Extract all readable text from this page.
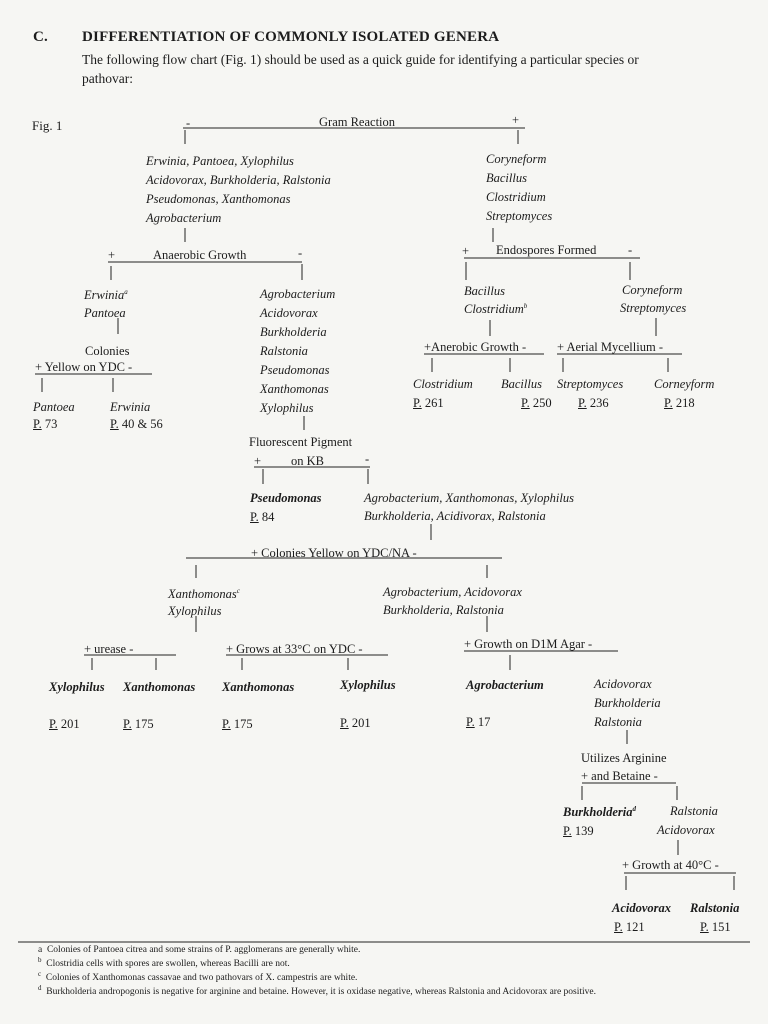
C. DIFFERENTIATION OF COMMONLY ISOLATED GENERA
The following flow chart (Fig. 1) should be used as a quick guide for identifying a particular species or pathovar:
Fig. 1	-	Gram Reaction	+
Erwinia, Pantoea, Xylophilus
Acidovorax, Burkholderia, Ralstonia
Pseudomonas, Xanthomonas
Agrobacterium
Coryneform
Bacillus
Clostridium
Streptomyces
+	Anaerobic Growth	-
Erwinia$^a$
Pantoea
Agrobacterium
Acidovorax
Burkholderia
Ralstonia
Pseudomonas
Xanthomonas
Xylophilus
Colonies
+ Yellow on YDC -
Pantoea
P. 73
Erwinia
P. 40 & 56
+ Endospores Formed	-
Bacillus
Clostridium$^b$
Coryneform
Streptomyces
+Anerobic Growth - + Aerial Mycellium -
Clostridium
P. 261
Bacillus
P. 250
Streptomyces
P. 236
Corneyform
P. 218
Fluorescent Pigment
+ on KB	-
Pseudomonas
P. 84
Agrobacterium, Xanthomonas, Xylophilus
Burkholderia, Acidivorax, Ralstonia
+ Colonies Yellow on YDC/NA -
Xanthomonas$^c$
Xylophilus
Agrobacterium, Acidovorax
Burkholderia, Ralstonia
+ urease -	+ Grows at 33°C on YDC -	+ Growth on D1M Agar -
Xylophilus
P. 201
Xanthomonas
P. 175
Xanthomonas
P. 175
Xylophilus
P. 201
Agrobacterium
P. 17
Acidovorax
Burkholderia
Ralstonia
Utilizes Arginine
+ and Betaine -
Burkholderia$^d$
P. 139
Ralstonia
Acidovorax
+ Growth at 40°C -
Acidovorax
P. 121
Ralstonia
P. 151
a Colonies of Pantoea citrea and some strains of P. agglomerans are generally white.
$^b$ Clostridia cells with spores are swollen, whereas Bacilli are not.
$^c$ Colonies of Xanthomonas cassavae and two pathovars of X. campestris are white.
$^d$ Burkholderia andropogonis is negative for arginine and betaine. However, it is oxidase negative, whereas Ralstonia and Acidovorax are positive.
